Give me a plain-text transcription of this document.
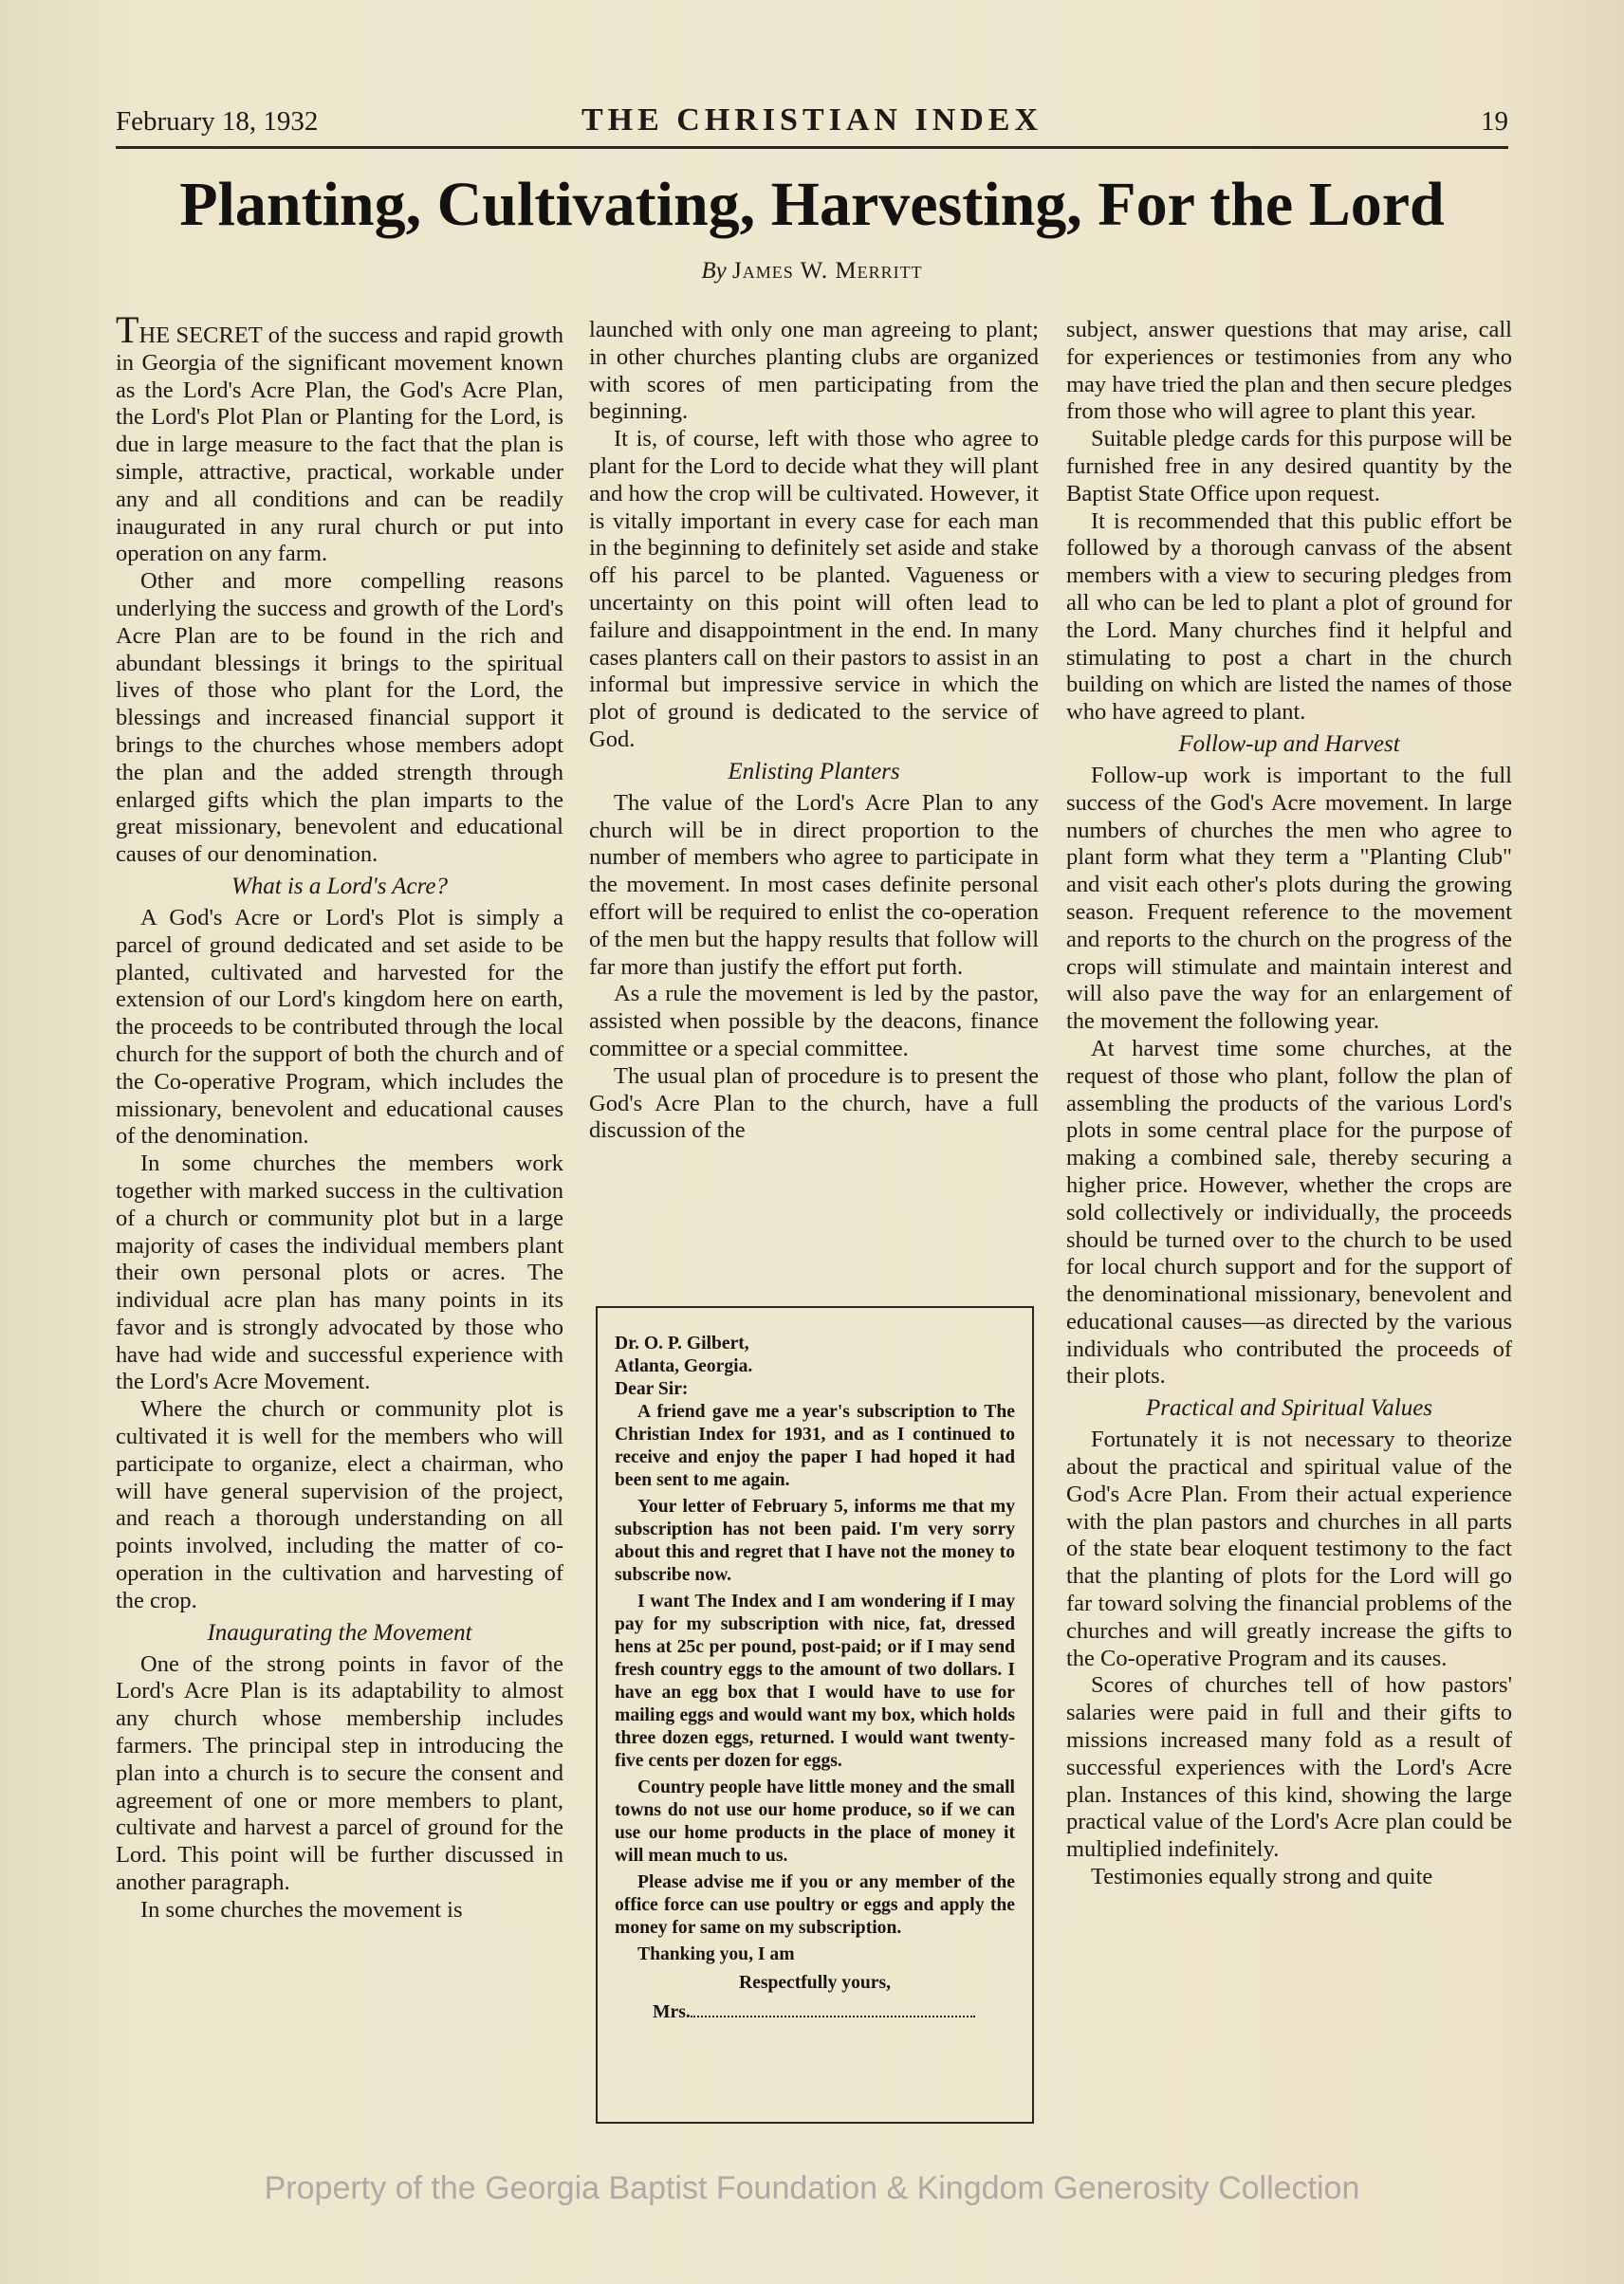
February 18, 1932	THE CHRISTIAN INDEX	19
Planting, Cultivating, Harvesting, For the Lord
By James W. Merritt

THE SECRET of the success and rapid growth in Georgia of the significant movement known as the Lord's Acre Plan, the God's Acre Plan, the Lord's Plot Plan or Planting for the Lord, is due in large measure to the fact that the plan is simple, attractive, practical, workable under any and all conditions and can be readily inaugurated in any rural church or put into operation on any farm.

Other and more compelling reasons underlying the success and growth of the Lord's Acre Plan are to be found in the rich and abundant blessings it brings to the spiritual lives of those who plant for the Lord, the blessings and increased financial support it brings to the churches whose members adopt the plan and the added strength through enlarged gifts which the plan imparts to the great missionary, benevolent and educational causes of our denomination.

What is a Lord's Acre?

A God's Acre or Lord's Plot is simply a parcel of ground dedicated and set aside to be planted, cultivated and harvested for the extension of our Lord's kingdom here on earth, the proceeds to be contributed through the local church for the support of both the church and of the Co-operative Program, which includes the missionary, benevolent and educational causes of the denomination.

In some churches the members work together with marked success in the cultivation of a church or community plot but in a large majority of cases the individual members plant their own personal plots or acres. The individual acre plan has many points in its favor and is strongly advocated by those who have had wide and successful experience with the Lord's Acre Movement.

Where the church or community plot is cultivated it is well for the members who will participate to organize, elect a chairman, who will have general supervision of the project, and reach a thorough understanding on all points involved, including the matter of co-operation in the cultivation and harvesting of the crop.

Inaugurating the Movement

One of the strong points in favor of the Lord's Acre Plan is its adaptability to almost any church whose membership includes farmers. The principal step in introducing the plan into a church is to secure the consent and agreement of one or more members to plant, cultivate and harvest a parcel of ground for the Lord. This point will be further discussed in another paragraph.

In some churches the movement is

launched with only one man agreeing to plant; in other churches planting clubs are organized with scores of men participating from the beginning.

It is, of course, left with those who agree to plant for the Lord to decide what they will plant and how the crop will be cultivated. However, it is vitally important in every case for each man in the beginning to definitely set aside and stake off his parcel to be planted. Vagueness or uncertainty on this point will often lead to failure and disappointment in the end. In many cases planters call on their pastors to assist in an informal but impressive service in which the plot of ground is dedicated to the service of God.

Enlisting Planters

The value of the Lord's Acre Plan to any church will be in direct proportion to the number of members who agree to participate in the movement. In most cases definite personal effort will be required to enlist the co-operation of the men but the happy results that follow will far more than justify the effort put forth.

As a rule the movement is led by the pastor, assisted when possible by the deacons, finance committee or a special committee.

The usual plan of procedure is to present the God's Acre Plan to the church, have a full discussion of the

Dr. O. P. Gilbert,

Atlanta, Georgia.

Dear Sir:

A friend gave me a year's subscription to The Christian Index for 1931, and as I continued to receive and enjoy the paper I had hoped it had been sent to me again.

Your letter of February 5, informs me that my subscription has not been paid. I'm very sorry about this and regret that I have not the money to subscribe now.

I want The Index and I am wondering if I may pay for my subscription with nice, fat, dressed hens at 25c per pound, post-paid; or if I may send fresh country eggs to the amount of two dollars. I have an egg box that I would have to use for mailing eggs and would want my box, which holds three dozen eggs, returned. I would want twenty-five cents per dozen for eggs.

Country people have little money and the small towns do not use our home produce, so if we can use our home products in the place of money it will mean much to us.

Please advise me if you or any member of the office force can use poultry or eggs and apply the money for same on my subscription.

Thanking you, I am

Respectfully yours,

Mrs.

subject, answer questions that may arise, call for experiences or testimonies from any who may have tried the plan and then secure pledges from those who will agree to plant this year.

Suitable pledge cards for this purpose will be furnished free in any desired quantity by the Baptist State Office upon request.

It is recommended that this public effort be followed by a thorough canvass of the absent members with a view to securing pledges from all who can be led to plant a plot of ground for the Lord. Many churches find it helpful and stimulating to post a chart in the church building on which are listed the names of those who have agreed to plant.

Follow-up and Harvest

Follow-up work is important to the full success of the God's Acre movement. In large numbers of churches the men who agree to plant form what they term a "Planting Club" and visit each other's plots during the growing season. Frequent reference to the movement and reports to the church on the progress of the crops will stimulate and maintain interest and will also pave the way for an enlargement of the movement the following year.

At harvest time some churches, at the request of those who plant, follow the plan of assembling the products of the various Lord's plots in some central place for the purpose of making a combined sale, thereby securing a higher price. However, whether the crops are sold collectively or individually, the proceeds should be turned over to the church to be used for local church support and for the support of the denominational missionary, benevolent and educational causes—as directed by the various individuals who contributed the proceeds of their plots.

Practical and Spiritual Values

Fortunately it is not necessary to theorize about the practical and spiritual value of the God's Acre Plan. From their actual experience with the plan pastors and churches in all parts of the state bear eloquent testimony to the fact that the planting of plots for the Lord will go far toward solving the financial problems of the churches and will greatly increase the gifts to the Co-operative Program and its causes.

Scores of churches tell of how pastors' salaries were paid in full and their gifts to missions increased many fold as a result of successful experiences with the Lord's Acre plan. Instances of this kind, showing the large practical value of the Lord's Acre plan could be multiplied indefinitely.

Testimonies equally strong and quite

Property of the Georgia Baptist Foundation & Kingdom Generosity Collection
